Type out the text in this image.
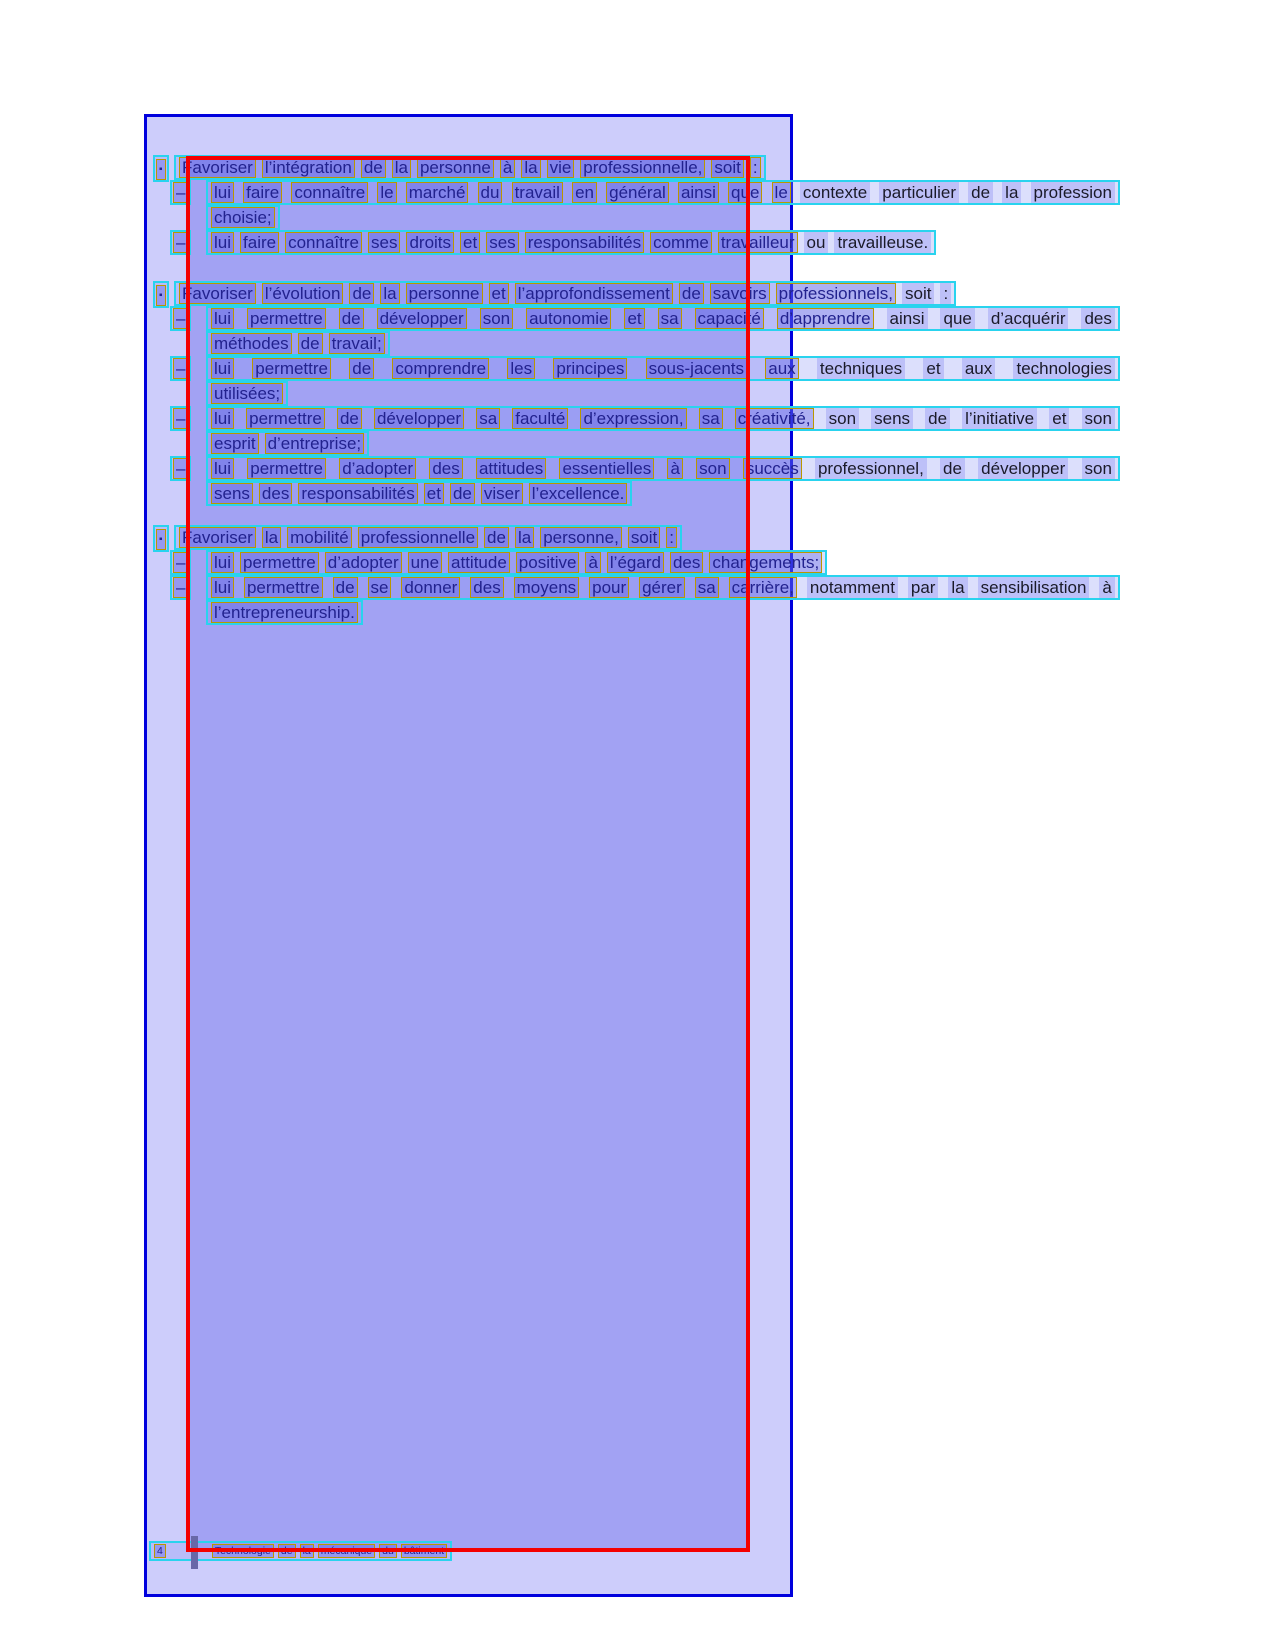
▪	Favoriser l’intégration de la personne à la vie professionnelle, soit :
–	lui faire connaître le marché du travail en général ainsi que le contexte particulier de la profession
choisie;
–	lui faire connaître ses droits et ses responsabilités comme travailleur ou travailleuse.
▪	Favoriser l’évolution de la personne et l’approfondissement de savoirs professionnels, soit :
–	lui permettre de développer son autonomie et sa capacité d’apprendre ainsi que d’acquérir des
méthodes de travail;
–	lui permettre de comprendre les principes sous-jacents aux techniques et aux technologies
utilisées;
–	lui permettre de développer sa faculté d’expression, sa créativité, son sens de l’initiative et son
esprit d’entreprise;
–	lui permettre d’adopter des attitudes essentielles à son succès professionnel, de développer son
sens des responsabilités et de viser l’excellence.
▪	Favoriser la mobilité professionnelle de la personne, soit :
–	lui permettre d’adopter une attitude positive à l’égard des changements;
–	lui permettre de se donner des moyens pour gérer sa carrière, notamment par la sensibilisation à
l’entrepreneurship.
4	Technologie de la mécanique du bâtiment
